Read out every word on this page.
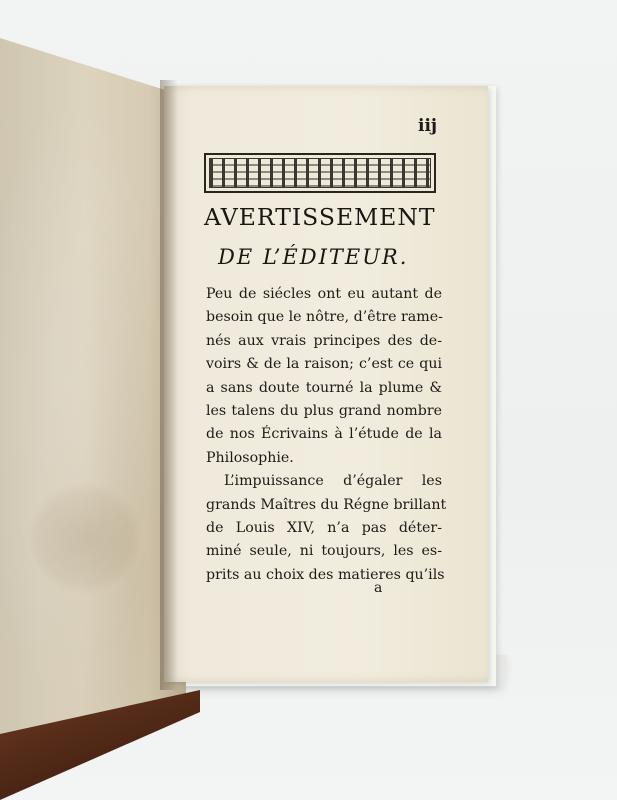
iij
AVERTISSEMENT
DE L’ÉDITEUR.
Peu de siécles ont eu autant de
besoin que le nôtre, d’être rame-
nés aux vrais principes des de-
voirs & de la raison; c’est ce qui
a sans doute tourné la plume &
les talens du plus grand nombre
de nos Écrivains à l’étude de la
Philosophie.
L’impuissance d’égaler les
grands Maîtres du Régne brillant
de Louis XIV, n’a pas déter-
miné seule, ni toujours, les es-
prits au choix des matieres qu’ils
a
